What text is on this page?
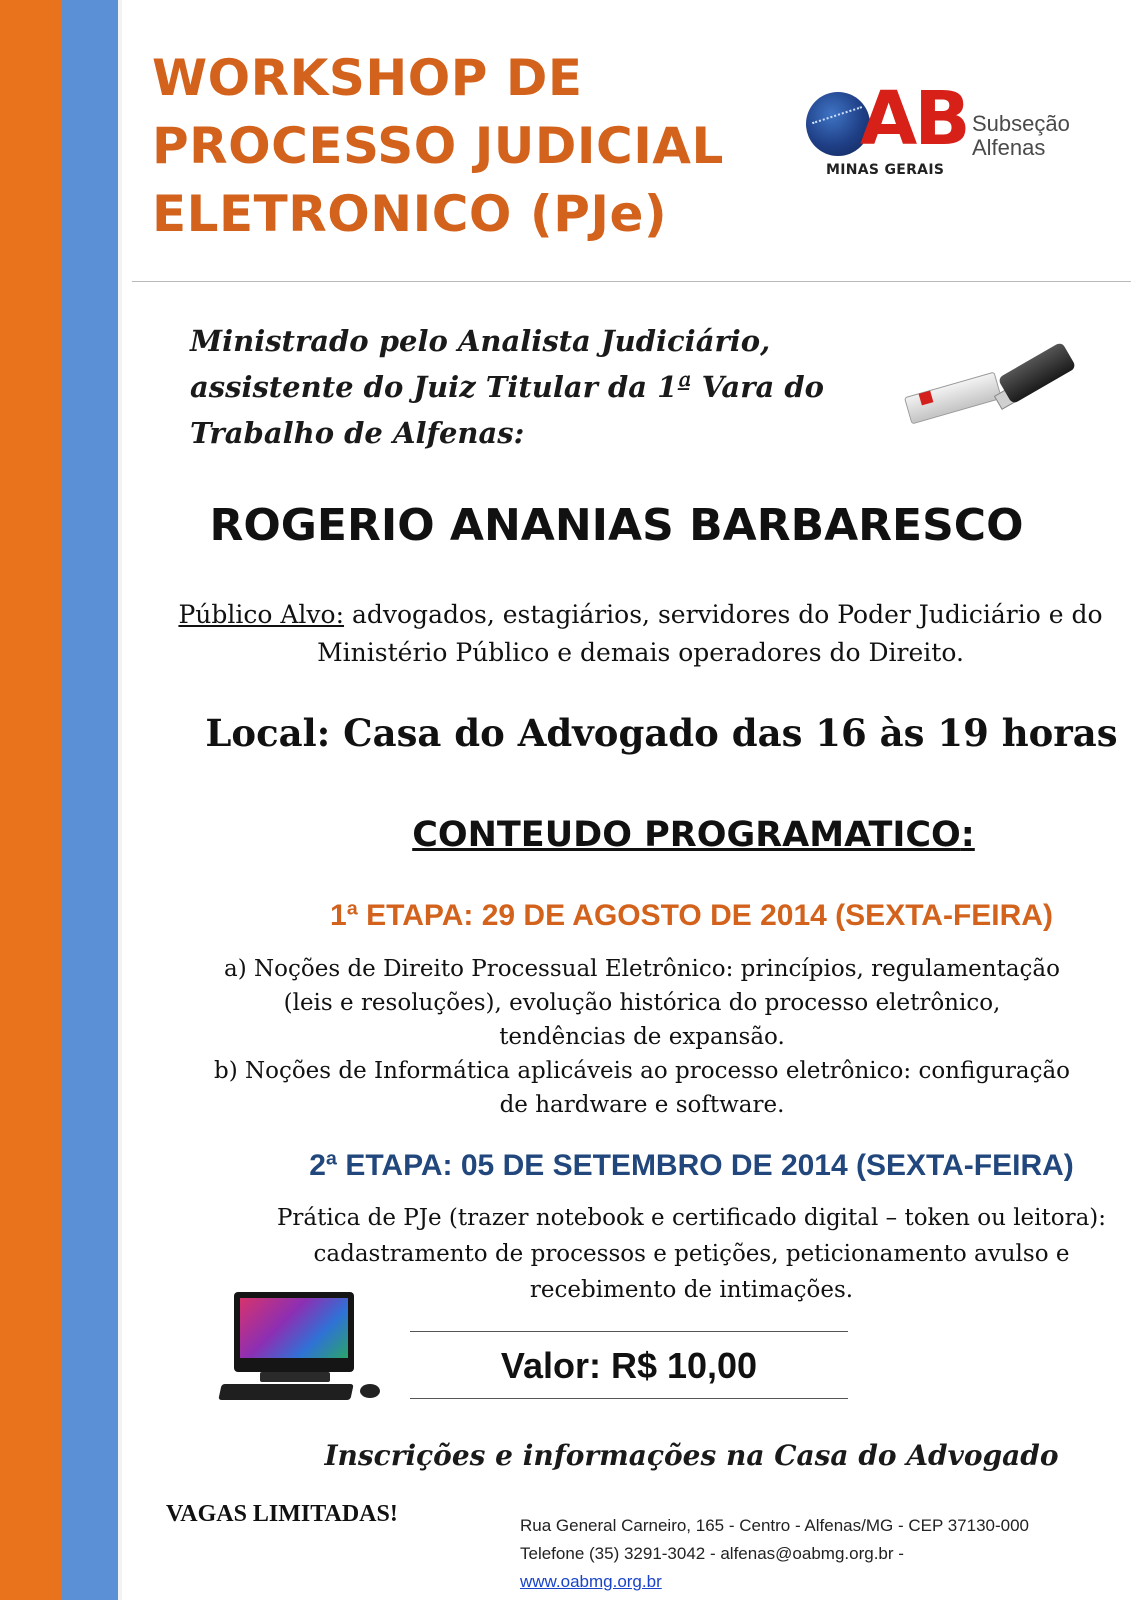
WORKSHOP DE
PROCESSO JUDICIAL
ELETRONICO (PJe)
AB
MINAS GERAIS
Subseção
Alfenas

Ministrado pelo Analista Judiciário,
assistente do Juiz Titular da 1ª Vara do
Trabalho de Alfenas:

ROGERIO ANANIAS BARBARESCO

Público Alvo: advogados, estagiários, servidores do Poder Judiciário e do Ministério Público e demais operadores do Direito.

Local: Casa do Advogado das 16 às 19 horas

CONTEUDO PROGRAMATICO:
1ª ETAPA: 29 DE AGOSTO DE 2014 (SEXTA-FEIRA)
a) Noções de Direito Processual Eletrônico: princípios, regulamentação
(leis e resoluções), evolução histórica do processo eletrônico,
tendências de expansão.
b) Noções de Informática aplicáveis ao processo eletrônico: configuração
de hardware e software.
2ª ETAPA: 05 DE SETEMBRO DE 2014 (SEXTA-FEIRA)

Prática de PJe (trazer notebook e certificado digital – token ou leitora):
cadastramento de processos e petições, peticionamento avulso e
recebimento de intimações.

Valor: R$ 10,00

Inscrições e informações na Casa do Advogado

VAGAS LIMITADAS!	Rua General Carneiro, 165 - Centro - Alfenas/MG - CEP 37130-000
Telefone (35) 3291-3042 - alfenas@oabmg.org.br -
www.oabmg.org.br
